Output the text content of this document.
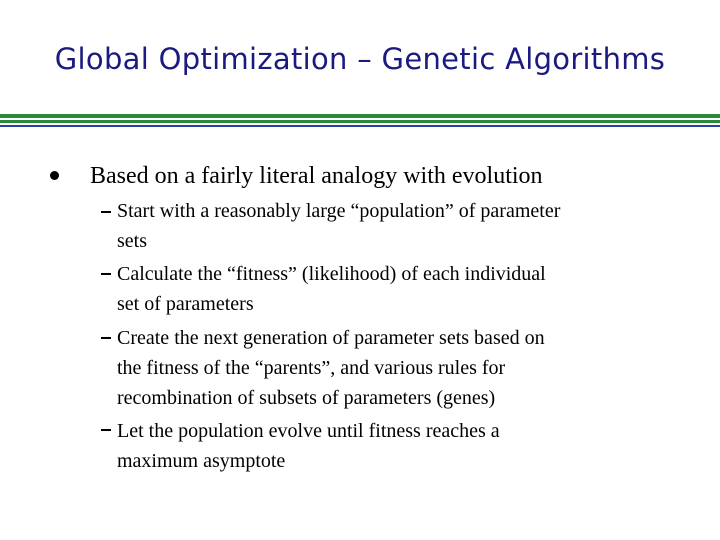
Global Optimization – Genetic Algorithms
Based on a fairly literal analogy with evolution
Start with a reasonably large “population” of parameter
sets
Calculate the “fitness” (likelihood) of each individual
set of parameters
Create the next generation of parameter sets based on
the fitness of the “parents”, and various rules for
recombination of subsets of parameters (genes)
Let the population evolve until fitness reaches a
maximum asymptote
